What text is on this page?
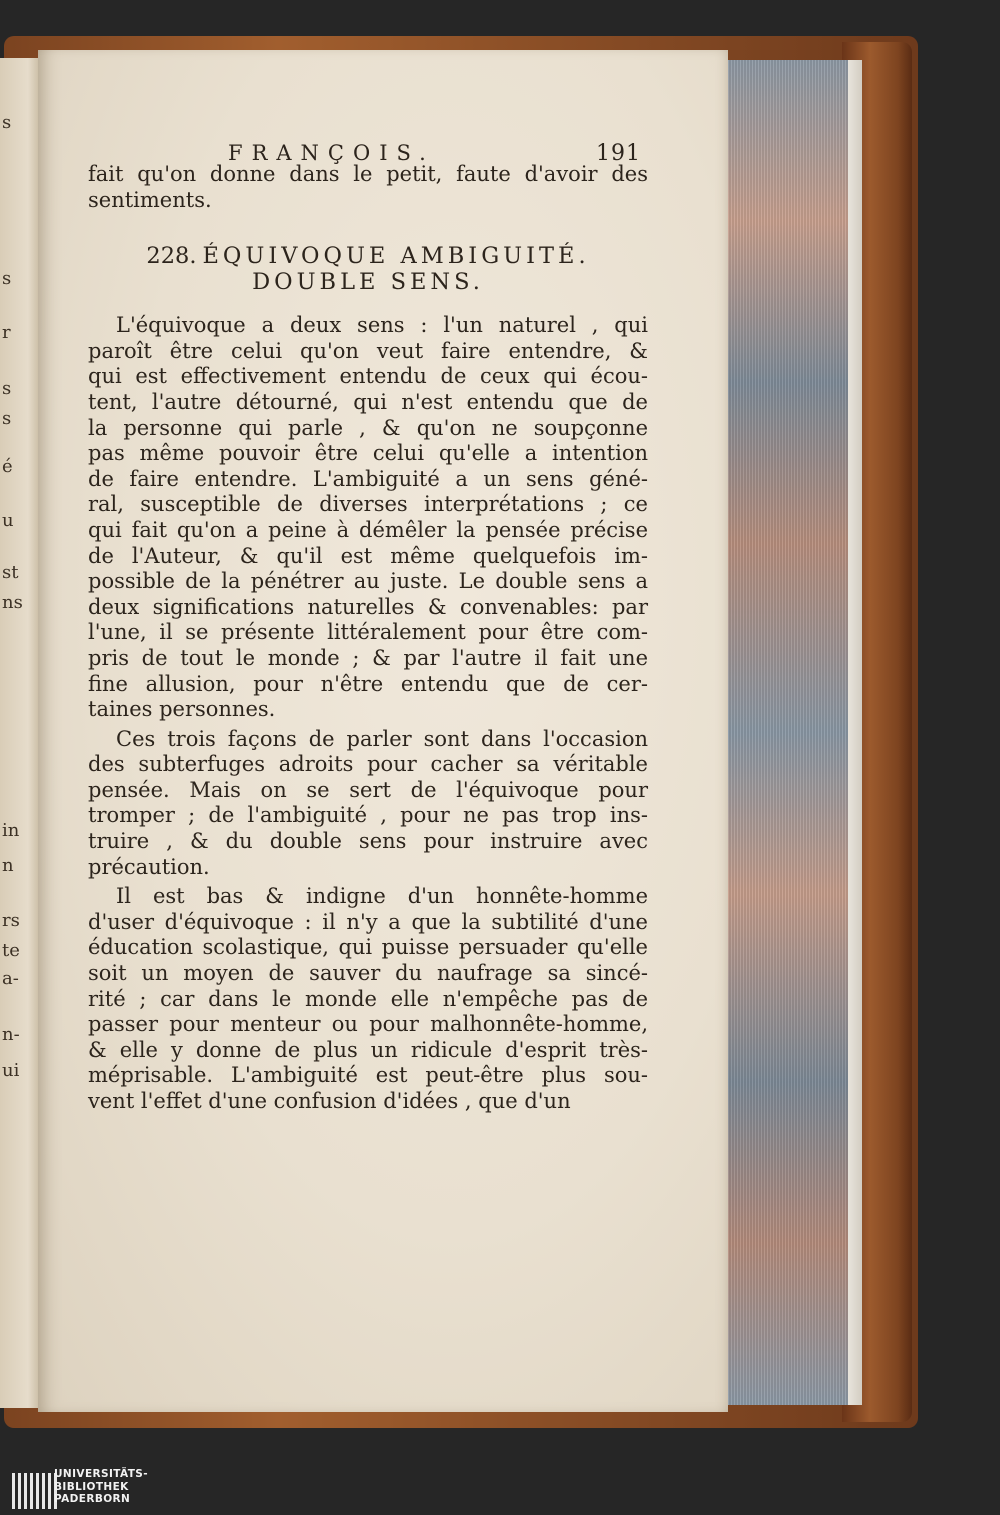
s
s
r
s
s
é
u
st
ns
in
n
rs
te
a-
n-
ui
FRANÇOIS.	191
fait qu'on donne dans le petit, faute d'avoir des
sentiments.
228. ÉQUIVOQUE AMBIGUITÉ.
DOUBLE SENS.
L'équivoque a deux sens : l'un naturel , qui
paroît être celui qu'on veut faire entendre, &
qui est effectivement entendu de ceux qui écou-
tent, l'autre détourné, qui n'est entendu que de
la personne qui parle , & qu'on ne soupçonne
pas même pouvoir être celui qu'elle a intention
de faire entendre. L'ambiguité a un sens géné-
ral, susceptible de diverses interprétations ; ce
qui fait qu'on a peine à démêler la pensée précise
de l'Auteur, & qu'il est même quelquefois im-
possible de la pénétrer au juste. Le double sens a
deux significations naturelles & convenables: par
l'une, il se présente littéralement pour être com-
pris de tout le monde ; & par l'autre il fait une
fine allusion, pour n'être entendu que de cer-
taines personnes.
Ces trois façons de parler sont dans l'occasion
des subterfuges adroits pour cacher sa véritable
pensée. Mais on se sert de l'équivoque pour
tromper ; de l'ambiguité , pour ne pas trop ins-
truire , & du double sens pour instruire avec
précaution.
Il est bas & indigne d'un honnête-homme
d'user d'équivoque : il n'y a que la subtilité d'une
éducation scolastique, qui puisse persuader qu'elle
soit un moyen de sauver du naufrage sa sincé-
rité ; car dans le monde elle n'empêche pas de
passer pour menteur ou pour malhonnête-homme,
& elle y donne de plus un ridicule d'esprit très-
méprisable. L'ambiguité est peut-être plus sou-
vent l'effet d'une confusion d'idées , que d'un
UNIVERSITÄTS-
BIBLIOTHEK
PADERBORN
